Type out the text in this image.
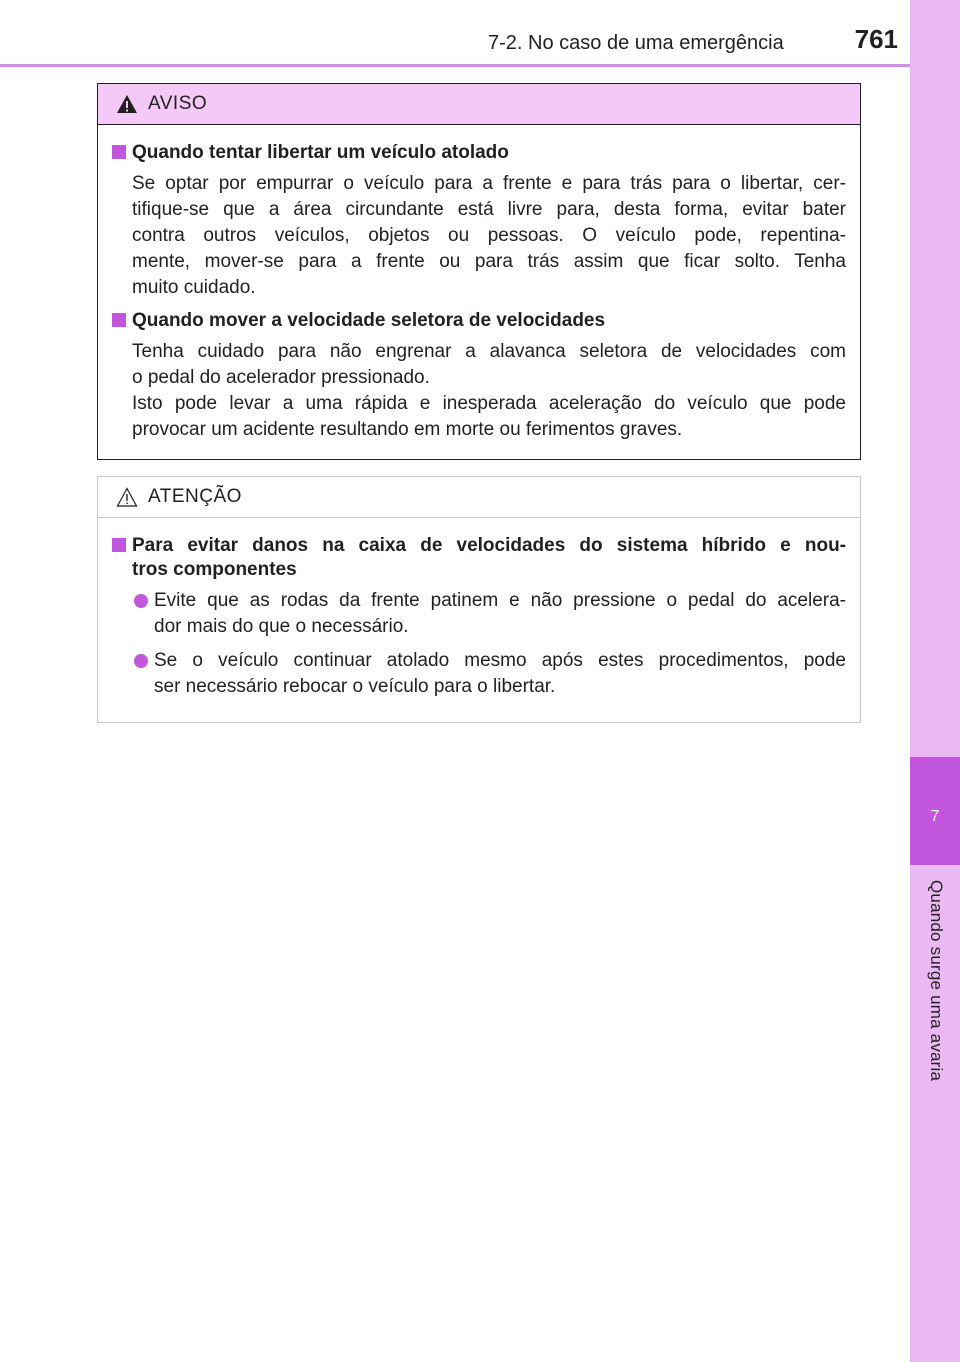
7-2. No caso de uma emergência	761
7
Quando surge uma avaria
AVISO
Quando tentar libertar um veículo atolado
Se optar por empurrar o veículo para a frente e para trás para o libertar, cer-
tifique-se que a área circundante está livre para, desta forma, evitar bater
contra outros veículos, objetos ou pessoas. O veículo pode, repentina-
mente, mover-se para a frente ou para trás assim que ficar solto. Tenha
muito cuidado.
Quando mover a velocidade seletora de velocidades
Tenha cuidado para não engrenar a alavanca seletora de velocidades com
o pedal do acelerador pressionado.
Isto pode levar a uma rápida e inesperada aceleração do veículo que pode
provocar um acidente resultando em morte ou ferimentos graves.
ATENÇÃO
Para evitar danos na caixa de velocidades do sistema híbrido e nou-
tros componentes
Evite que as rodas da frente patinem e não pressione o pedal do acelera-
dor mais do que o necessário.
Se o veículo continuar atolado mesmo após estes procedimentos, pode
ser necessário rebocar o veículo para o libertar.
